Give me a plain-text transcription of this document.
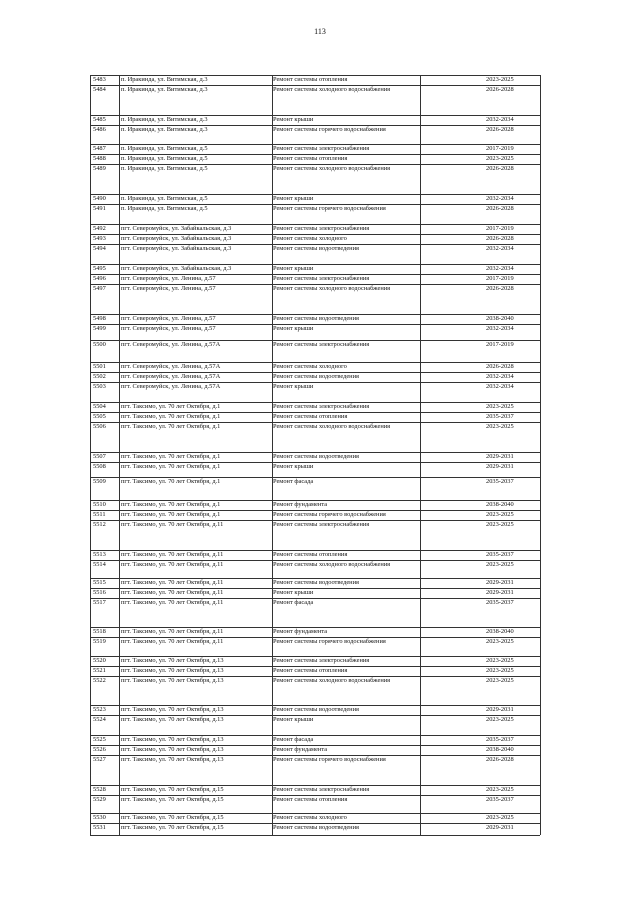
113
5483	п. Иракинда, ул. Витимская, д.3	Ремонт системы отопления	2023-2025
5484	п. Иракинда, ул. Витимская, д.3	Ремонт системы холодного водоснабжения	2026-2028
5485	п. Иракинда, ул. Витимская, д.3	Ремонт крыши	2032-2034
5486	п. Иракинда, ул. Витимская, д.3	Ремонт системы горячего водоснабжения	2026-2028
5487	п. Иракинда, ул. Витимская, д.5	Ремонт системы электроснабжения	2017-2019
5488	п. Иракинда, ул. Витимская, д.5	Ремонт системы отопления	2023-2025
5489	п. Иракинда, ул. Витимская, д.5	Ремонт системы холодного водоснабжения	2026-2028
5490	п. Иракинда, ул. Витимская, д.5	Ремонт крыши	2032-2034
5491	п. Иракинда, ул. Витимская, д.5	Ремонт системы горячего водоснабжения	2026-2028
5492	пгт. Северомуйск, ул. Забайкальская, д.3	Ремонт системы электроснабжения	2017-2019
5493	пгт. Северомуйск, ул. Забайкальская, д.3	Ремонт системы холодного	2026-2028
5494	пгт. Северомуйск, ул. Забайкальская, д.3	Ремонт системы водоотведения	2032-2034
5495	пгт. Северомуйск, ул. Забайкальская, д.3	Ремонт крыши	2032-2034
5496	пгт. Северомуйск, ул. Ленина, д.57	Ремонт системы электроснабжения	2017-2019
5497	пгт. Северомуйск, ул. Ленина, д.57	Ремонт системы холодного водоснабжения	2026-2028
5498	пгт. Северомуйск, ул. Ленина, д.57	Ремонт системы водоотведения	2038-2040
5499	пгт. Северомуйск, ул. Ленина, д.57	Ремонт крыши	2032-2034
5500	пгт. Северомуйск, ул. Ленина, д.57А	Ремонт системы электроснабжения	2017-2019
5501	пгт. Северомуйск, ул. Ленина, д.57А	Ремонт системы холодного	2026-2028
5502	пгт. Северомуйск, ул. Ленина, д.57А	Ремонт системы водоотведения	2032-2034
5503	пгт. Северомуйск, ул. Ленина, д.57А	Ремонт крыши	2032-2034
5504	пгт. Таксимо, ул. 70 лет Октября, д.1	Ремонт системы электроснабжения	2023-2025
5505	пгт. Таксимо, ул. 70 лет Октября, д.1	Ремонт системы отопления	2035-2037
5506	пгт. Таксимо, ул. 70 лет Октября, д.1	Ремонт системы холодного водоснабжения	2023-2025
5507	пгт. Таксимо, ул. 70 лет Октября, д.1	Ремонт системы водоотведения	2029-2031
5508	пгт. Таксимо, ул. 70 лет Октября, д.1	Ремонт крыши	2029-2031
5509	пгт. Таксимо, ул. 70 лет Октября, д.1	Ремонт фасада	2035-2037
5510	пгт. Таксимо, ул. 70 лет Октября, д.1	Ремонт фундамента	2038-2040
5511	пгт. Таксимо, ул. 70 лет Октября, д.1	Ремонт системы горячего водоснабжения	2023-2025
5512	пгт. Таксимо, ул. 70 лет Октября, д.11	Ремонт системы электроснабжения	2023-2025
5513	пгт. Таксимо, ул. 70 лет Октября, д.11	Ремонт системы отопления	2035-2037
5514	пгт. Таксимо, ул. 70 лет Октября, д.11	Ремонт системы холодного водоснабжения	2023-2025
5515	пгт. Таксимо, ул. 70 лет Октября, д.11	Ремонт системы водоотведения	2029-2031
5516	пгт. Таксимо, ул. 70 лет Октября, д.11	Ремонт крыши	2029-2031
5517	пгт. Таксимо, ул. 70 лет Октября, д.11	Ремонт фасада	2035-2037
5518	пгт. Таксимо, ул. 70 лет Октября, д.11	Ремонт фундамента	2038-2040
5519	пгт. Таксимо, ул. 70 лет Октября, д.11	Ремонт системы горячего водоснабжения	2023-2025
5520	пгт. Таксимо, ул. 70 лет Октября, д.13	Ремонт системы электроснабжения	2023-2025
5521	пгт. Таксимо, ул. 70 лет Октября, д.13	Ремонт системы отопления	2023-2025
5522	пгт. Таксимо, ул. 70 лет Октября, д.13	Ремонт системы холодного водоснабжения	2023-2025
5523	пгт. Таксимо, ул. 70 лет Октября, д.13	Ремонт системы водоотведения	2029-2031
5524	пгт. Таксимо, ул. 70 лет Октября, д.13	Ремонт крыши	2023-2025
5525	пгт. Таксимо, ул. 70 лет Октября, д.13	Ремонт фасада	2035-2037
5526	пгт. Таксимо, ул. 70 лет Октября, д.13	Ремонт фундамента	2038-2040
5527	пгт. Таксимо, ул. 70 лет Октября, д.13	Ремонт системы горячего водоснабжения	2026-2028
5528	пгт. Таксимо, ул. 70 лет Октября, д.15	Ремонт системы электроснабжения	2023-2025
5529	пгт. Таксимо, ул. 70 лет Октября, д.15	Ремонт системы отопления	2035-2037
5530	пгт. Таксимо, ул. 70 лет Октября, д.15	Ремонт системы холодного	2023-2025
5531	пгт. Таксимо, ул. 70 лет Октября, д.15	Ремонт системы водоотведения	2029-2031
